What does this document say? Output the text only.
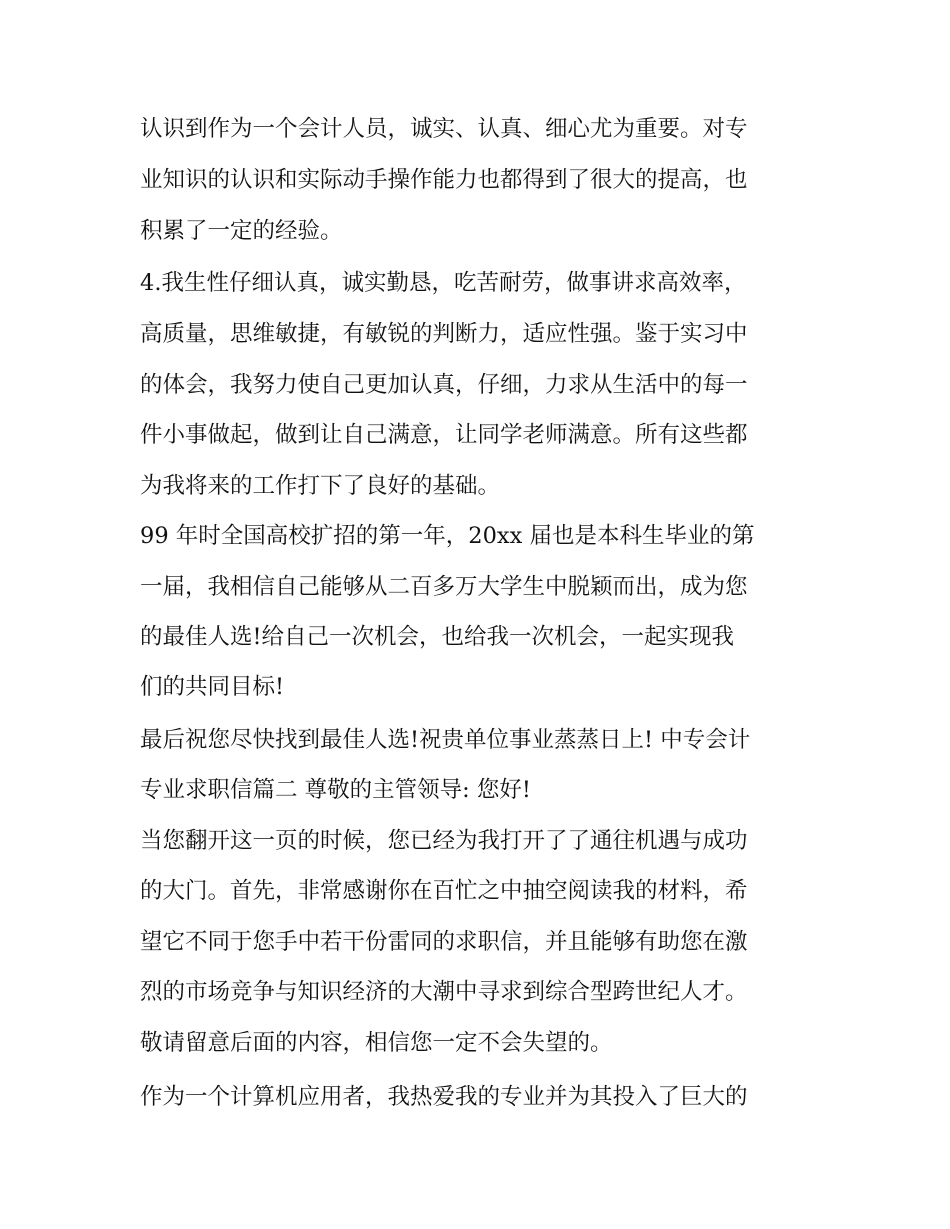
认识到作为一个会计人员，诚实、认真、细心尤为重要。对专
业知识的认识和实际动手操作能力也都得到了很大的提高，也
积累了一定的经验。
4.我生性仔细认真，诚实勤恳，吃苦耐劳，做事讲求高效率，
高质量，思维敏捷，有敏锐的判断力，适应性强。鉴于实习中
的体会，我努力使自己更加认真，仔细，力求从生活中的每一
件小事做起，做到让自己满意，让同学老师满意。所有这些都
为我将来的工作打下了良好的基础。
99 年时全国高校扩招的第一年，20xx 届也是本科生毕业的第
一届，我相信自己能够从二百多万大学生中脱颖而出，成为您
的最佳人选!给自己一次机会，也给我一次机会，一起实现我
们的共同目标!
最后祝您尽快找到最佳人选!祝贵单位事业蒸蒸日上! 中专会计
专业求职信篇二 尊敬的主管领导: 您好!
当您翻开这一页的时候，您已经为我打开了了通往机遇与成功
的大门。首先，非常感谢你在百忙之中抽空阅读我的材料，希
望它不同于您手中若干份雷同的求职信，并且能够有助您在激
烈的市场竞争与知识经济的大潮中寻求到综合型跨世纪人才。
敬请留意后面的内容，相信您一定不会失望的。
作为一个计算机应用者，我热爱我的专业并为其投入了巨大的
